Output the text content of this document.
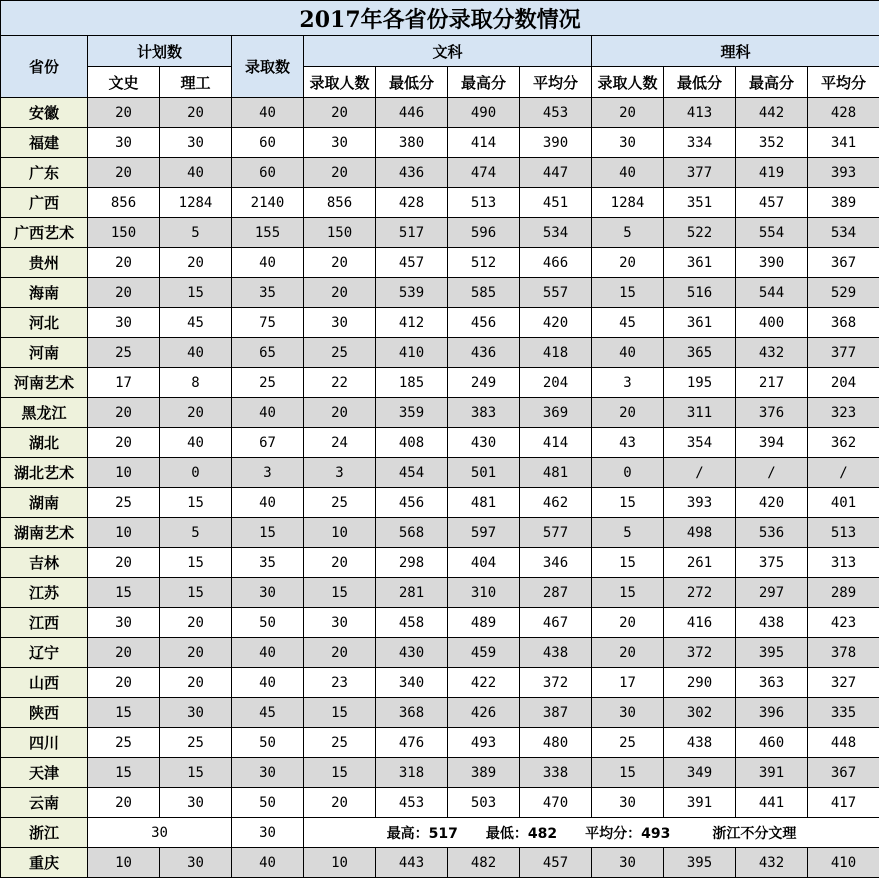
2017年各省份录取分数情况											
省份	计划数		录取数	文科				理科			
	文史	理工		录取人数	最低分	最高分	平均分	录取人数	最低分	最高分	平均分
安徽	20	20	40	20	446	490	453	20	413	442	428
福建	30	30	60	30	380	414	390	30	334	352	341
广东	20	40	60	20	436	474	447	40	377	419	393
广西	856	1284	2140	856	428	513	451	1284	351	457	389
广西艺术	150	5	155	150	517	596	534	5	522	554	534
贵州	20	20	40	20	457	512	466	20	361	390	367
海南	20	15	35	20	539	585	557	15	516	544	529
河北	30	45	75	30	412	456	420	45	361	400	368
河南	25	40	65	25	410	436	418	40	365	432	377
河南艺术	17	8	25	22	185	249	204	3	195	217	204
黑龙江	20	20	40	20	359	383	369	20	311	376	323
湖北	20	40	67	24	408	430	414	43	354	394	362
湖北艺术	10	0	3	3	454	501	481	0	/	/	/
湖南	25	15	40	25	456	481	462	15	393	420	401
湖南艺术	10	5	15	10	568	597	577	5	498	536	513
吉林	20	15	35	20	298	404	346	15	261	375	313
江苏	15	15	30	15	281	310	287	15	272	297	289
江西	30	20	50	30	458	489	467	20	416	438	423
辽宁	20	20	40	20	430	459	438	20	372	395	378
山西	20	20	40	23	340	422	372	17	290	363	327
陕西	15	30	45	15	368	426	387	30	302	396	335
四川	25	25	50	25	476	493	480	25	438	460	448
天津	15	15	30	15	318	389	338	15	349	391	367
云南	20	30	50	20	453	503	470	30	391	441	417
浙江	30		30	最高：517　　最低：482　　平均分：493　　　浙江不分文理							
重庆	10	30	40	10	443	482	457	30	395	432	410
